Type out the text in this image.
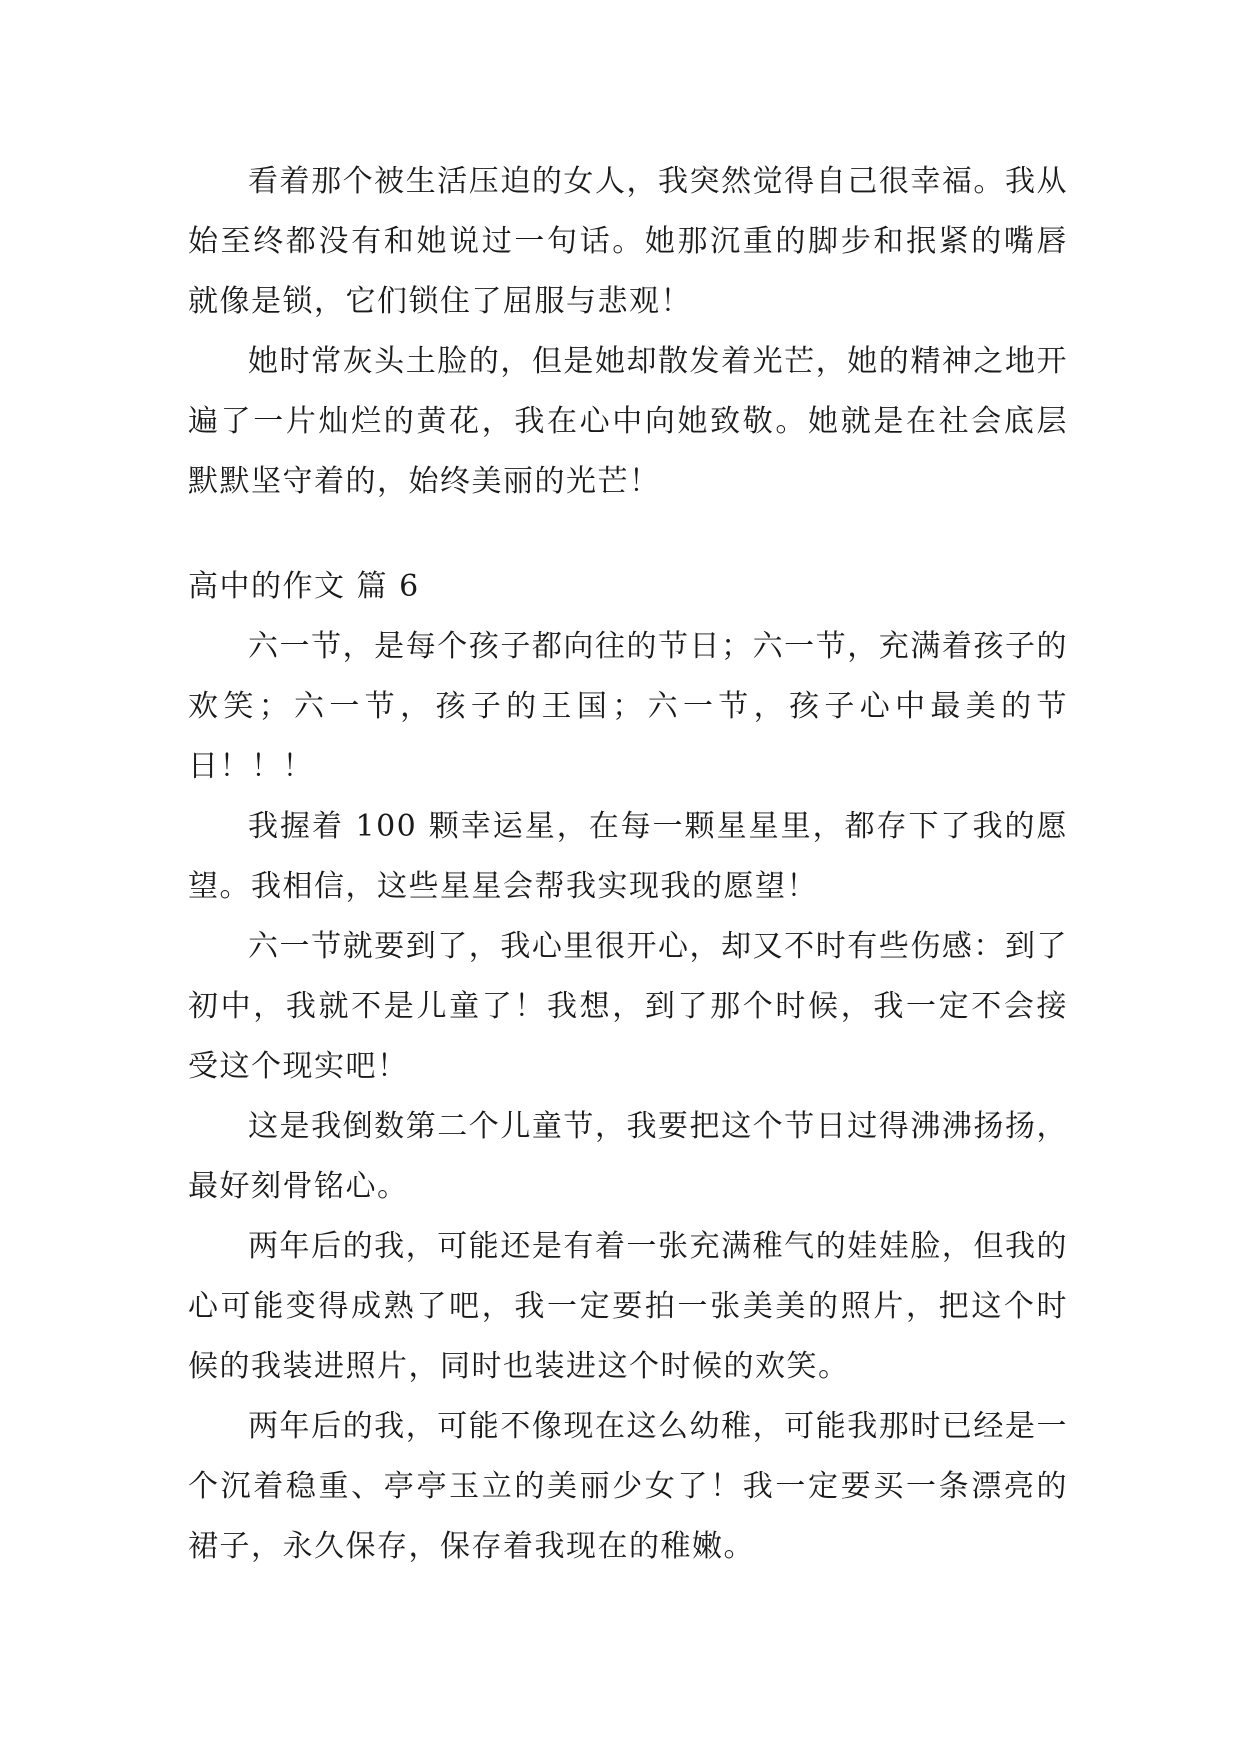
看着那个被生活压迫的女人，我突然觉得自己很幸福。我从始至终都没有和她说过一句话。她那沉重的脚步和抿紧的嘴唇就像是锁，它们锁住了屈服与悲观！

她时常灰头土脸的，但是她却散发着光芒，她的精神之地开遍了一片灿烂的黄花，我在心中向她致敬。她就是在社会底层默默坚守着的，始终美丽的光芒！

高中的作文 篇 6

六一节，是每个孩子都向往的节日；六一节，充满着孩子的欢笑；六一节，孩子的王国；六一节，孩子心中最美的节日！！！

我握着 100 颗幸运星，在每一颗星星里，都存下了我的愿望。我相信，这些星星会帮我实现我的愿望！

六一节就要到了，我心里很开心，却又不时有些伤感：到了初中，我就不是儿童了！我想，到了那个时候，我一定不会接受这个现实吧！

这是我倒数第二个儿童节，我要把这个节日过得沸沸扬扬，最好刻骨铭心。

两年后的我，可能还是有着一张充满稚气的娃娃脸，但我的心可能变得成熟了吧，我一定要拍一张美美的照片，把这个时候的我装进照片，同时也装进这个时候的欢笑。

两年后的我，可能不像现在这么幼稚，可能我那时已经是一个沉着稳重、亭亭玉立的美丽少女了！我一定要买一条漂亮的裙子，永久保存，保存着我现在的稚嫩。
